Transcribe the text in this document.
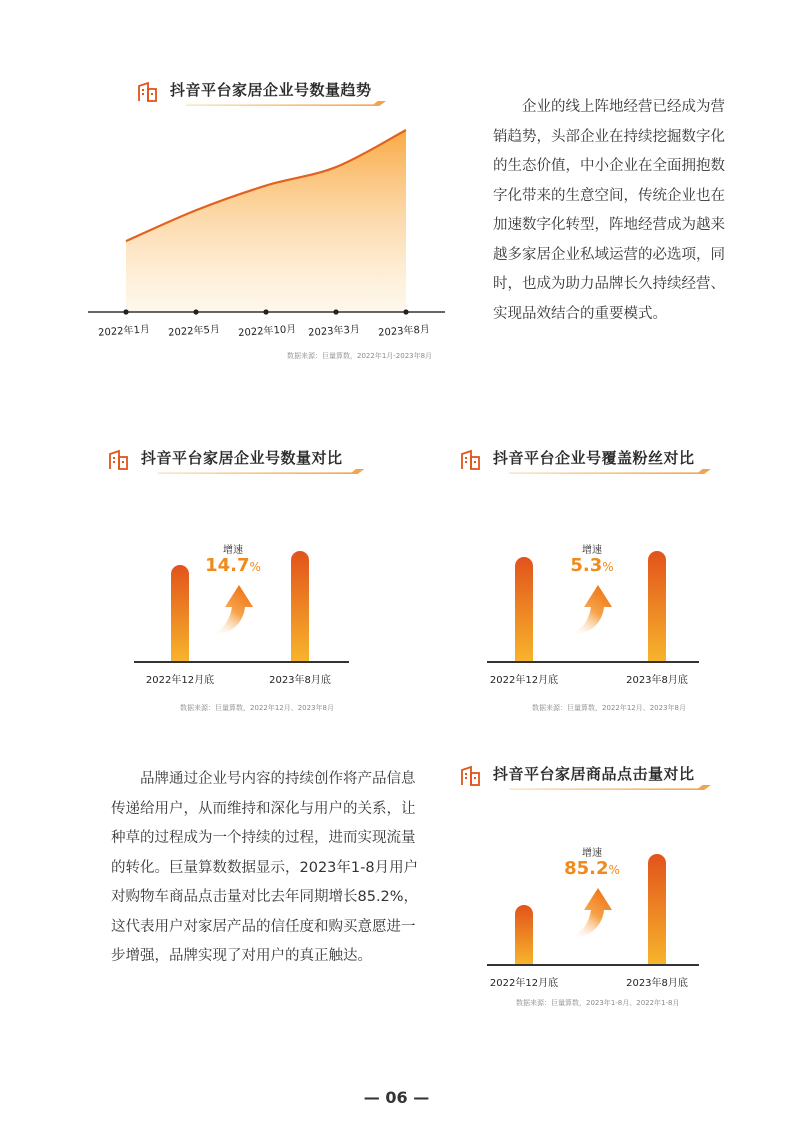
抖音平台家居企业号数量趋势
2022年1月 2022年5月 2022年10月 2023年3月 2023年8月
数据来源：巨量算数，2022年1月-2023年8月

企业的线上阵地经营已经成为营销趋势，头部企业在持续挖掘数字化的生态价值，中小企业在全面拥抱数字化带来的生意空间，传统企业也在加速数字化转型，阵地经营成为越来越多家居企业私域运营的必选项，同时，也成为助力品牌长久持续经营、实现品效结合的重要模式。

抖音平台家居企业号数量对比
2022年12月底	2023年8月底
增速
14.7%
数据来源：巨量算数，2022年12月、2023年8月
抖音平台企业号覆盖粉丝对比
2022年12月底	2023年8月底
增速
5.3%
数据来源：巨量算数，2022年12月、2023年8月

品牌通过企业号内容的持续创作将产品信息传递给用户，从而维持和深化与用户的关系，让种草的过程成为一个持续的过程，进而实现流量的转化。巨量算数数据显示，2023年1-8月用户对购物车商品点击量对比去年同期增长85.2%，这代表用户对家居产品的信任度和购买意愿进一步增强，品牌实现了对用户的真正触达。

抖音平台家居商品点击量对比
2022年12月底	2023年8月底
增速
85.2%
数据来源：巨量算数，2023年1-8月、2022年1-8月
— 06 —
